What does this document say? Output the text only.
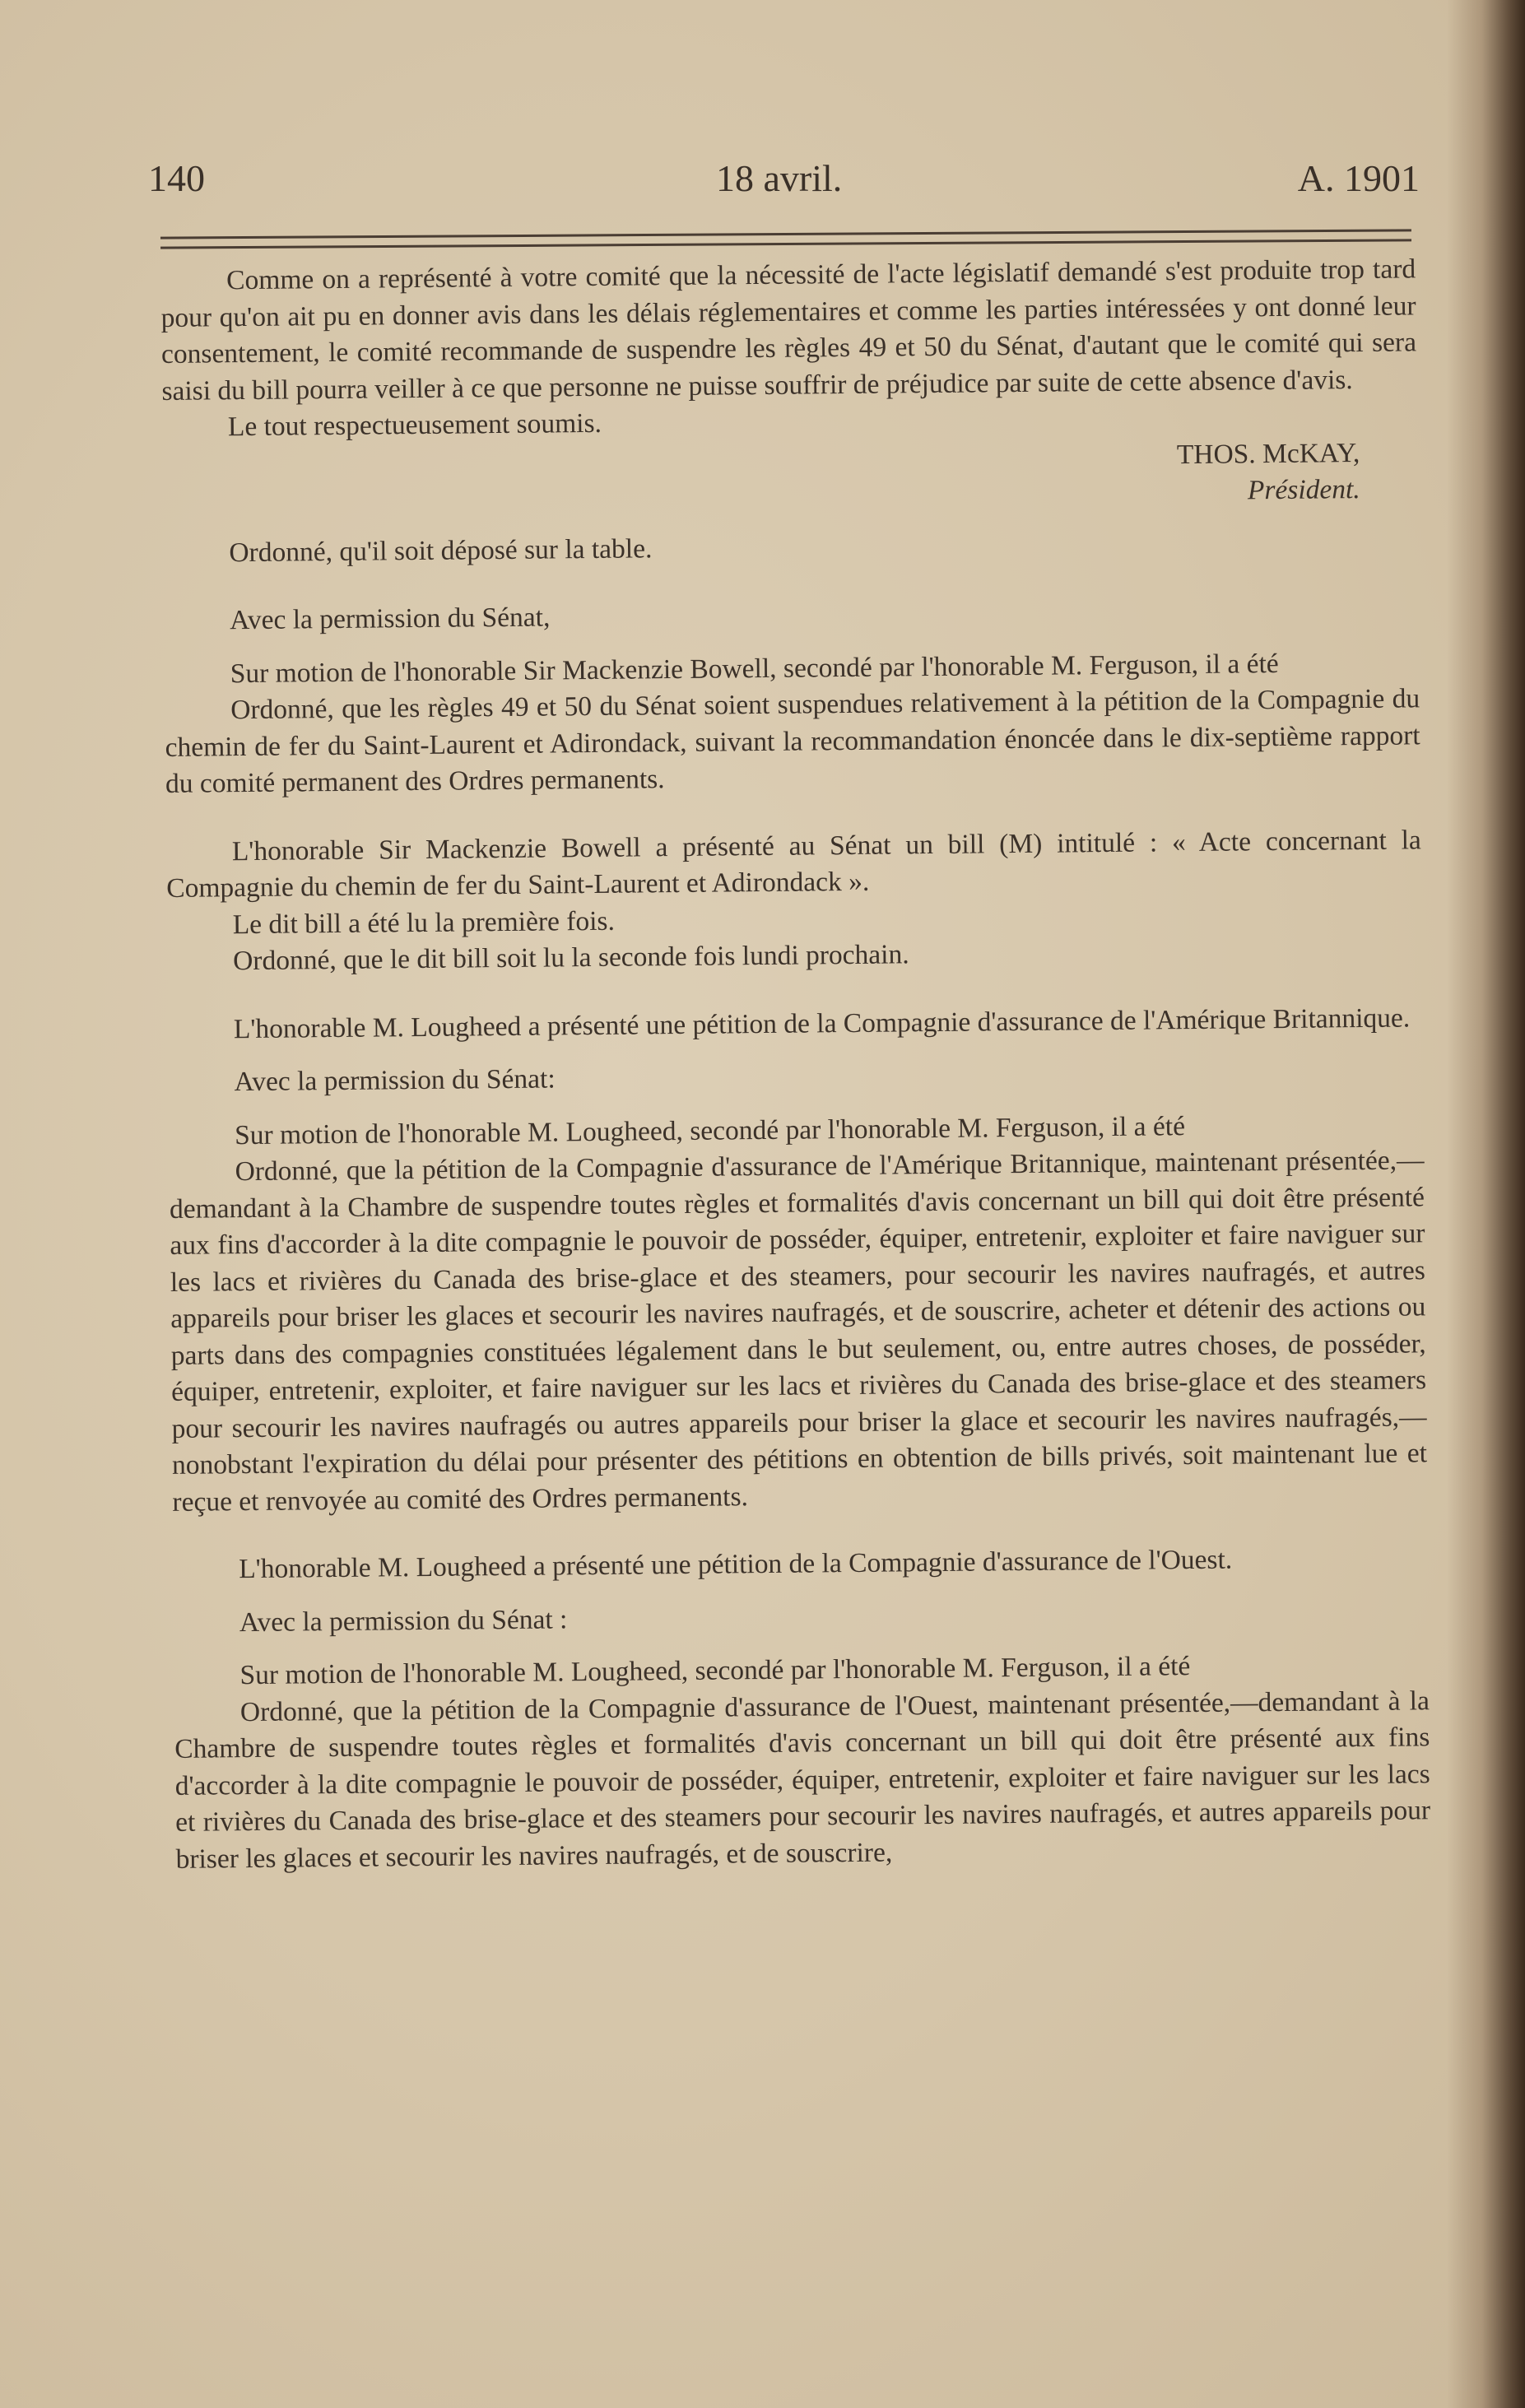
140	18 avril.	A. 1901

Comme on a représenté à votre comité que la nécessité de l'acte législatif demandé s'est produite trop tard pour qu'on ait pu en donner avis dans les délais réglementaires et comme les parties intéressées y ont donné leur consentement, le comité recommande de suspendre les règles 49 et 50 du Sénat, d'autant que le comité qui sera saisi du bill pourra veiller à ce que personne ne puisse souffrir de préjudice par suite de cette absence d'avis.

Le tout respectueusement soumis.

THOS. McKAY,
Président.

Ordonné, qu'il soit déposé sur la table.

Avec la permission du Sénat,

Sur motion de l'honorable Sir Mackenzie Bowell, secondé par l'honorable M. Ferguson, il a été

Ordonné, que les règles 49 et 50 du Sénat soient suspendues relativement à la pétition de la Compagnie du chemin de fer du Saint-Laurent et Adirondack, suivant la recommandation énoncée dans le dix-septième rapport du comité permanent des Ordres permanents.

L'honorable Sir Mackenzie Bowell a présenté au Sénat un bill (M) intitulé : « Acte concernant la Compagnie du chemin de fer du Saint-Laurent et Adirondack ».

Le dit bill a été lu la première fois.

Ordonné, que le dit bill soit lu la seconde fois lundi prochain.

L'honorable M. Lougheed a présenté une pétition de la Compagnie d'assurance de l'Amérique Britannique.

Avec la permission du Sénat:

Sur motion de l'honorable M. Lougheed, secondé par l'honorable M. Ferguson, il a été

Ordonné, que la pétition de la Compagnie d'assurance de l'Amérique Britannique, maintenant présentée,—demandant à la Chambre de suspendre toutes règles et formalités d'avis concernant un bill qui doit être présenté aux fins d'accorder à la dite compagnie le pouvoir de posséder, équiper, entretenir, exploiter et faire naviguer sur les lacs et rivières du Canada des brise-glace et des steamers, pour secourir les navires naufragés, et autres appareils pour briser les glaces et secourir les navires naufragés, et de souscrire, acheter et détenir des actions ou parts dans des compagnies constituées légalement dans le but seulement, ou, entre autres choses, de posséder, équiper, entretenir, exploiter, et faire naviguer sur les lacs et rivières du Canada des brise-glace et des steamers pour secourir les navires naufragés ou autres appareils pour briser la glace et secourir les navires naufragés,—nonobstant l'expiration du délai pour présenter des pétitions en obtention de bills privés, soit maintenant lue et reçue et renvoyée au comité des Ordres permanents.

L'honorable M. Lougheed a présenté une pétition de la Compagnie d'assurance de l'Ouest.

Avec la permission du Sénat :

Sur motion de l'honorable M. Lougheed, secondé par l'honorable M. Ferguson, il a été

Ordonné, que la pétition de la Compagnie d'assurance de l'Ouest, maintenant présentée,—demandant à la Chambre de suspendre toutes règles et formalités d'avis concernant un bill qui doit être présenté aux fins d'accorder à la dite compagnie le pouvoir de posséder, équiper, entretenir, exploiter et faire naviguer sur les lacs et rivières du Canada des brise-glace et des steamers pour secourir les navires naufragés, et autres appareils pour briser les glaces et secourir les navires naufragés, et de souscrire,
